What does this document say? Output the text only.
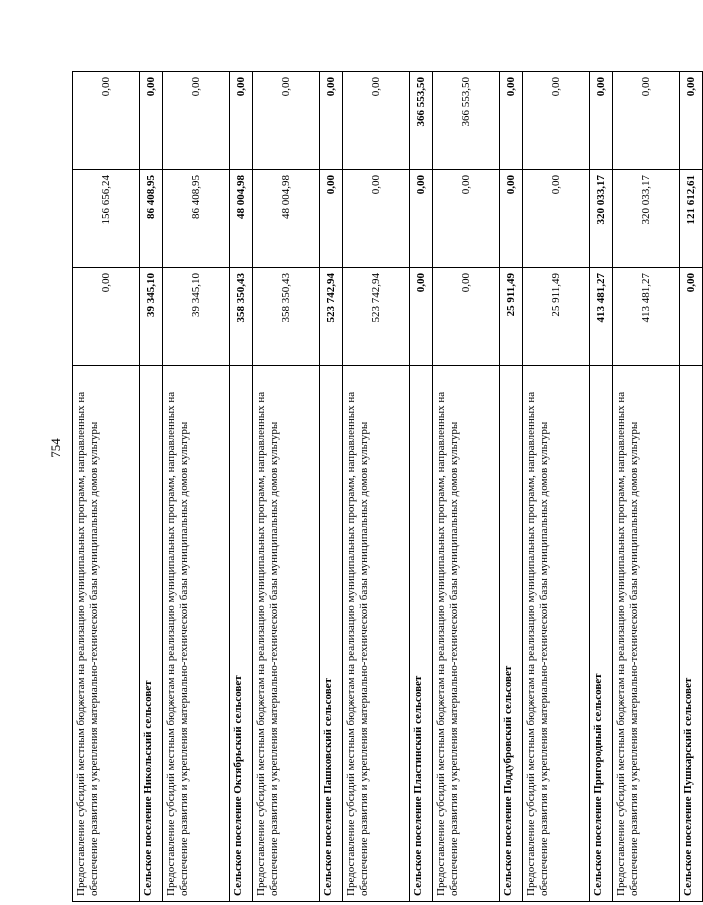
754 Предоставление субсидий местным бюджетам на реализацию муниципальных программ, направленных на обеспечение развития и укрепления материально-технической базы муниципальных домов культуры	0,00	156 656,24	0,00
Сельское поселение Никольский сельсовет	39 345,10	86 408,95	0,00
Предоставление субсидий местным бюджетам на реализацию муниципальных программ, направленных на обеспечение развития и укрепления материально-технической базы муниципальных домов культуры	39 345,10	86 408,95	0,00
Сельское поселение Октябрьский сельсовет	358 350,43	48 004,98	0,00
Предоставление субсидий местным бюджетам на реализацию муниципальных программ, направленных на обеспечение развития и укрепления материально-технической базы муниципальных домов культуры	358 350,43	48 004,98	0,00
Сельское поселение Пашковский сельсовет	523 742,94	0,00	0,00
Предоставление субсидий местным бюджетам на реализацию муниципальных программ, направленных на обеспечение развития и укрепления материально-технической базы муниципальных домов культуры	523 742,94	0,00	0,00
Сельское поселение Пластинский сельсовет	0,00	0,00	366 553,50
Предоставление субсидий местным бюджетам на реализацию муниципальных программ, направленных на обеспечение развития и укрепления материально-технической базы муниципальных домов культуры	0,00	0,00	366 553,50
Сельское поселение Поддубровский сельсовет	25 911,49	0,00	0,00
Предоставление субсидий местным бюджетам на реализацию муниципальных программ, направленных на обеспечение развития и укрепления материально-технической базы муниципальных домов культуры	25 911,49	0,00	0,00
Сельское поселение Пригородный сельсовет	413 481,27	320 033,17	0,00
Предоставление субсидий местным бюджетам на реализацию муниципальных программ, направленных на обеспечение развития и укрепления материально-технической базы муниципальных домов культуры	413 481,27	320 033,17	0,00
Сельское поселение Пушкарский сельсовет	0,00	121 612,61	0,00
